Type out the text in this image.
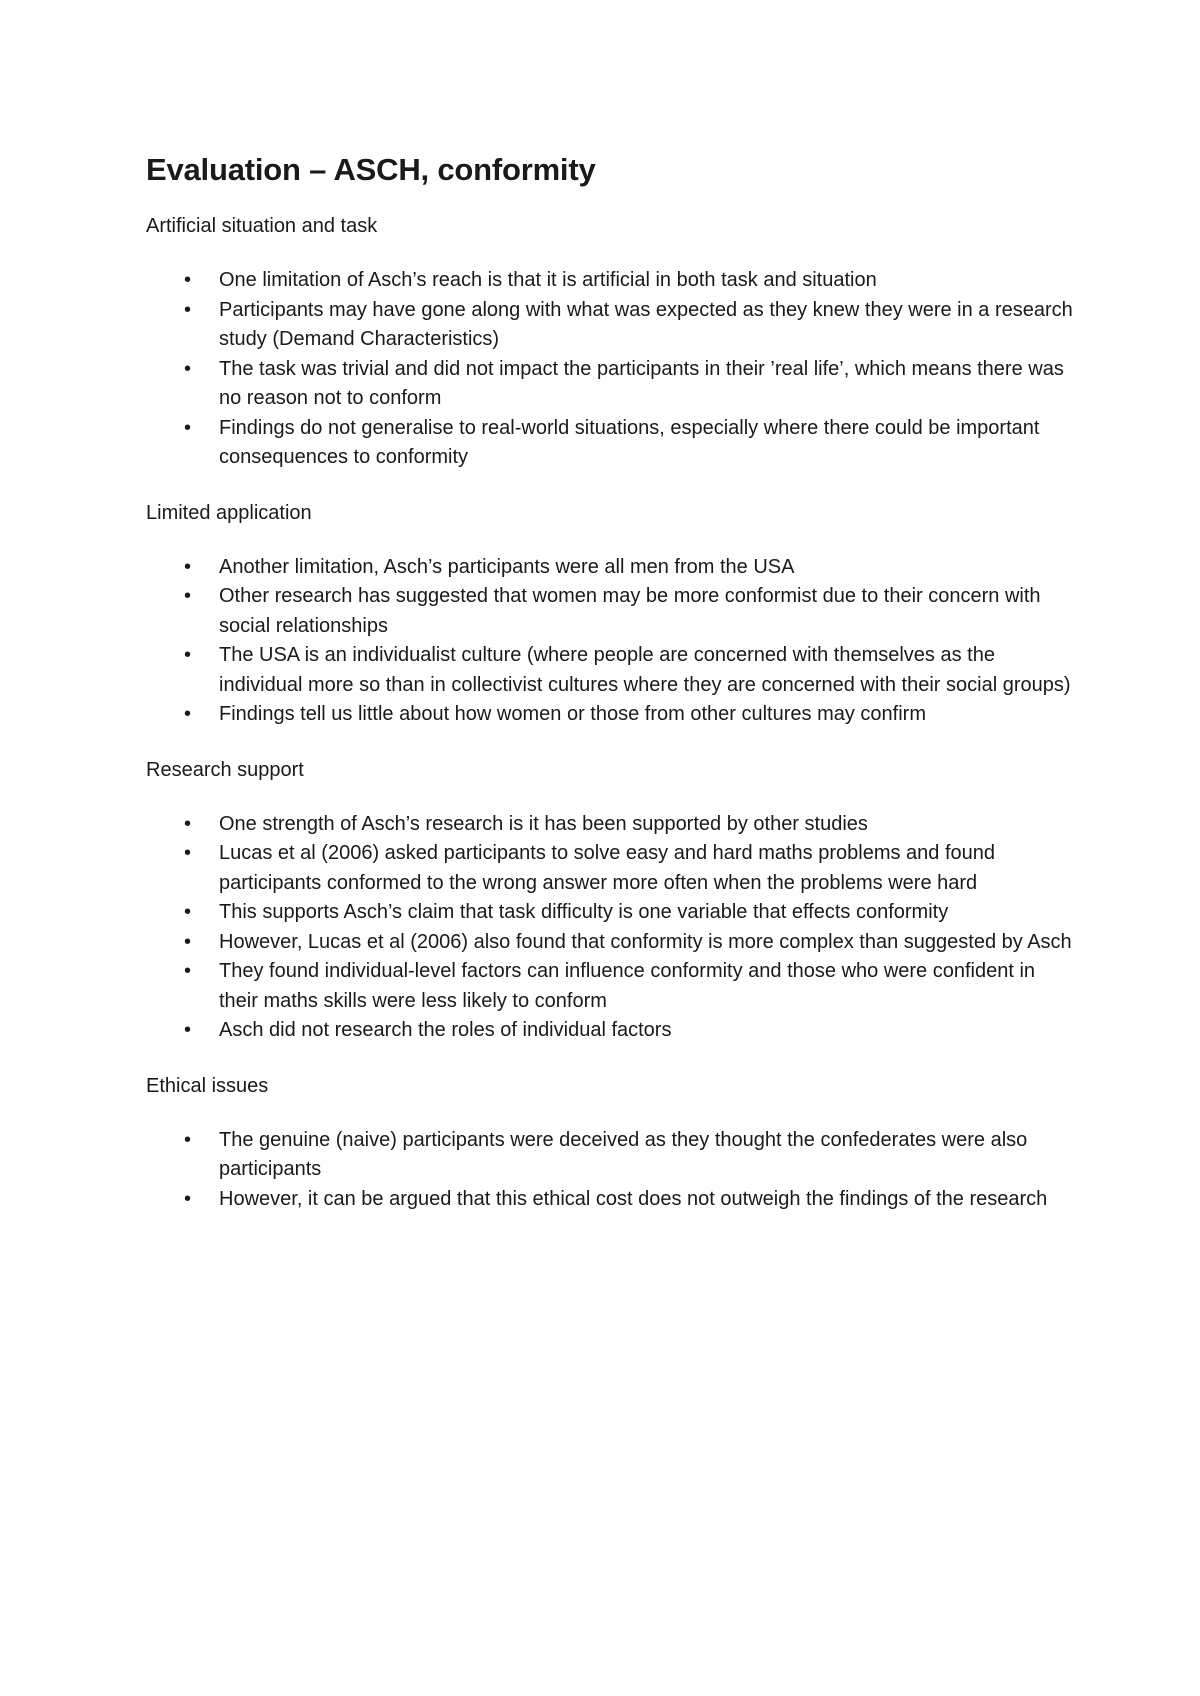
Evaluation – ASCH, conformity

Artificial situation and task

• One limitation of Asch’s reach is that it is artificial in both task and situation
• Participants may have gone along with what was expected as they knew they were in a research study (Demand Characteristics)
• The task was trivial and did not impact the participants in their ’real life’, which means there was no reason not to conform
• Findings do not generalise to real-world situations, especially where there could be important consequences to conformity

Limited application

• Another limitation, Asch’s participants were all men from the USA
• Other research has suggested that women may be more conformist due to their concern with social relationships
• The USA is an individualist culture (where people are concerned with themselves as the individual more so than in collectivist cultures where they are concerned with their social groups)
• Findings tell us little about how women or those from other cultures may confirm

Research support

• One strength of Asch’s research is it has been supported by other studies
• Lucas et al (2006) asked participants to solve easy and hard maths problems and found participants conformed to the wrong answer more often when the problems were hard
• This supports Asch’s claim that task difficulty is one variable that effects conformity
• However, Lucas et al (2006) also found that conformity is more complex than suggested by Asch
• They found individual-level factors can influence conformity and those who were confident in their maths skills were less likely to conform
• Asch did not research the roles of individual factors

Ethical issues

• The genuine (naive) participants were deceived as they thought the confederates were also participants
• However, it can be argued that this ethical cost does not outweigh the findings of the research
